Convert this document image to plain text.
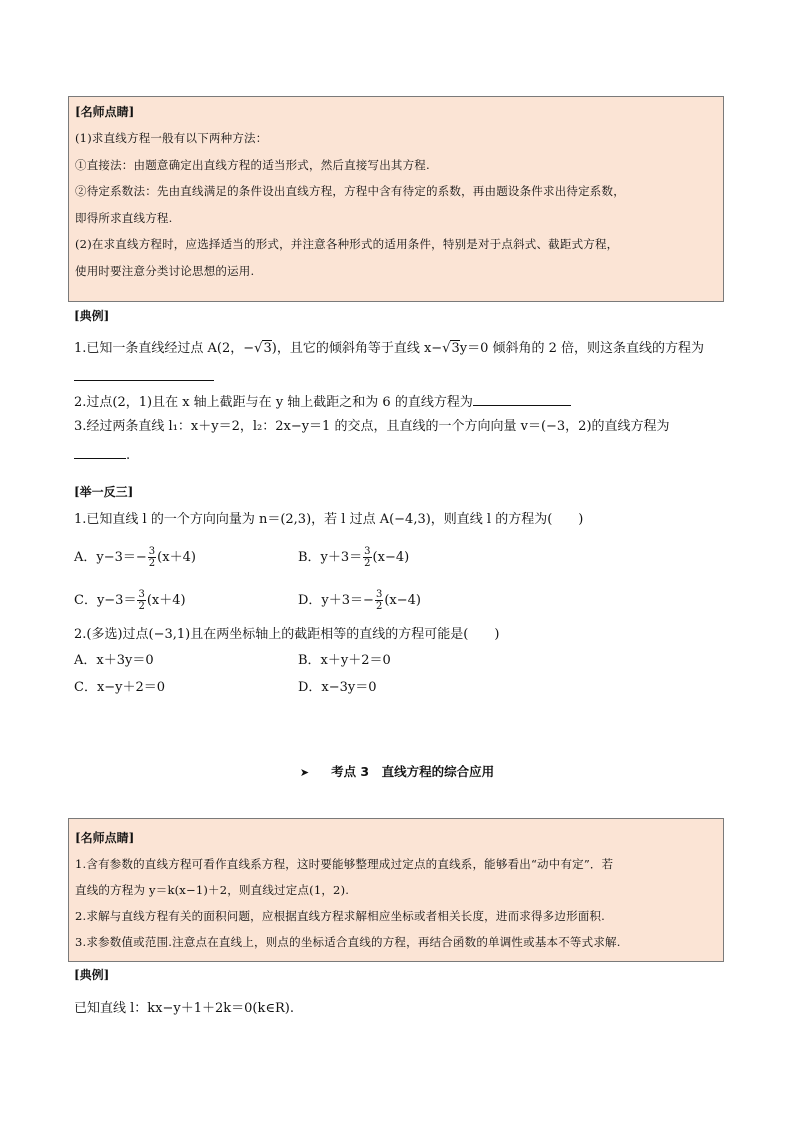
[名师点睛]
(1)求直线方程一般有以下两种方法：
①直接法：由题意确定出直线方程的适当形式，然后直接写出其方程.
②待定系数法：先由直线满足的条件设出直线方程，方程中含有待定的系数，再由题设条件求出待定系数，
即得所求直线方程.
(2)在求直线方程时，应选择适当的形式，并注意各种形式的适用条件，特别是对于点斜式、截距式方程，
使用时要注意分类讨论思想的运用.
[典例]
1.已知一条直线经过点 A(2，−√3)，且它的倾斜角等于直线 x−√3y＝0 倾斜角的 2 倍，则这条直线的方程为
2.过点(2，1)且在 x 轴上截距与在 y 轴上截距之和为 6 的直线方程为
3.经过两条直线 l₁：x＋y＝2，l₂：2x−y＝1 的交点，且直线的一个方向向量 v＝(−3，2)的直线方程为
.
[举一反三]
1.已知直线 l 的一个方向向量为 n＝(2,3)，若 l 过点 A(−4,3)，则直线 l 的方程为(　　)
A．$y-3=- \frac{3}{2} (x+4)$	B．$y+3= \frac{3}{2} (x-4)$
C．$y-3= \frac{3}{2} (x+4)$	D．$y+3=- \frac{3}{2} (x-4)$
2.(多选)过点(−3,1)且在两坐标轴上的截距相等的直线的方程可能是(　　)
A．x＋3y＝0	B．x＋y＋2＝0
C．x−y＋2＝0	D．x−3y＝0
➤ 考点 3　直线方程的综合应用
[名师点睛]
1.含有参数的直线方程可看作直线系方程，这时要能够整理成过定点的直线系，能够看出“动中有定”．若
直线的方程为 y＝k(x−1)＋2，则直线过定点(1，2).
2.求解与直线方程有关的面积问题，应根据直线方程求解相应坐标或者相关长度，进而求得多边形面积.
3.求参数值或范围.注意点在直线上，则点的坐标适合直线的方程，再结合函数的单调性或基本不等式求解.
[典例]
已知直线 l：kx−y＋1＋2k＝0(k∈R).
